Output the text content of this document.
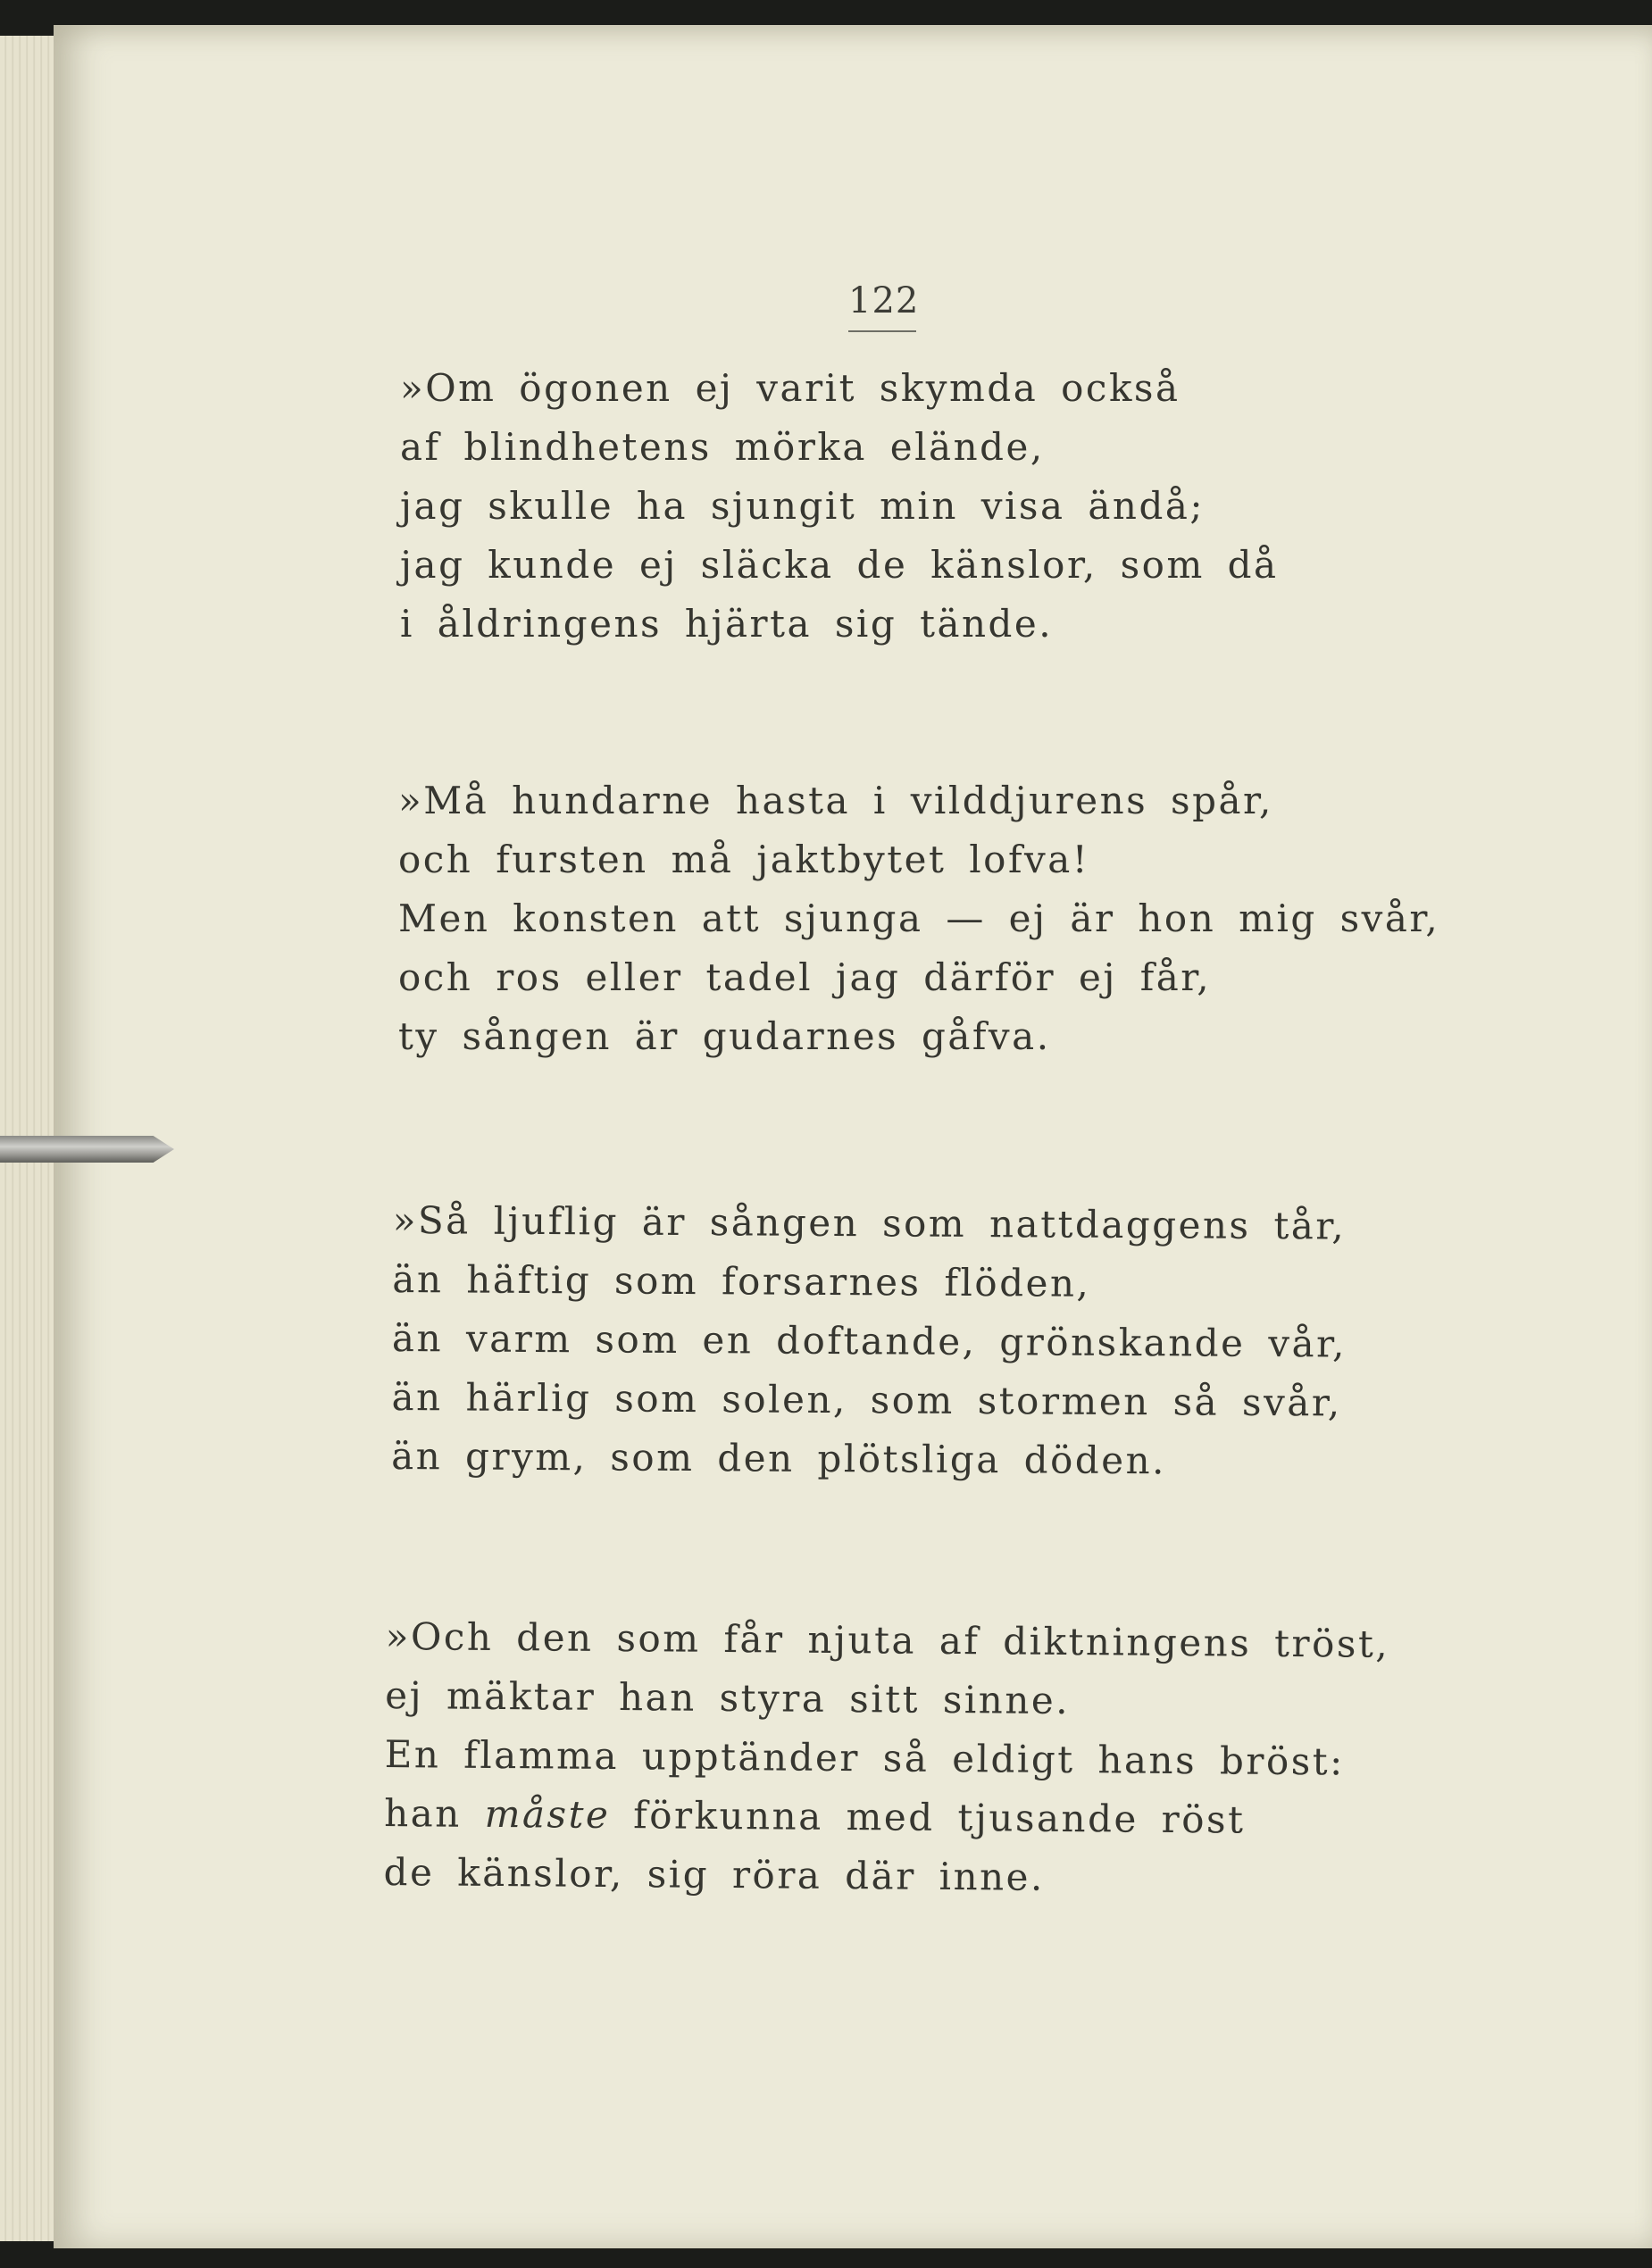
122
»Om ögonen ej varit skymda också
af blindhetens mörka elände,
jag skulle ha sjungit min visa ändå;
jag kunde ej släcka de känslor, som då
i åldringens hjärta sig tände.
»Må hundarne hasta i vilddjurens spår,
och fursten må jaktbytet lofva!
Men konsten att sjunga — ej är hon mig svår,
och ros eller tadel jag därför ej får,
ty sången är gudarnes gåfva.
»Så ljuflig är sången som nattdaggens tår,
än häftig som forsarnes flöden,
än varm som en doftande, grönskande vår,
än härlig som solen, som stormen så svår,
än grym, som den plötsliga döden.
»Och den som får njuta af diktningens tröst,
ej mäktar han styra sitt sinne.
En flamma upptänder så eldigt hans bröst:
han måste förkunna med tjusande röst
de känslor, sig röra där inne.
